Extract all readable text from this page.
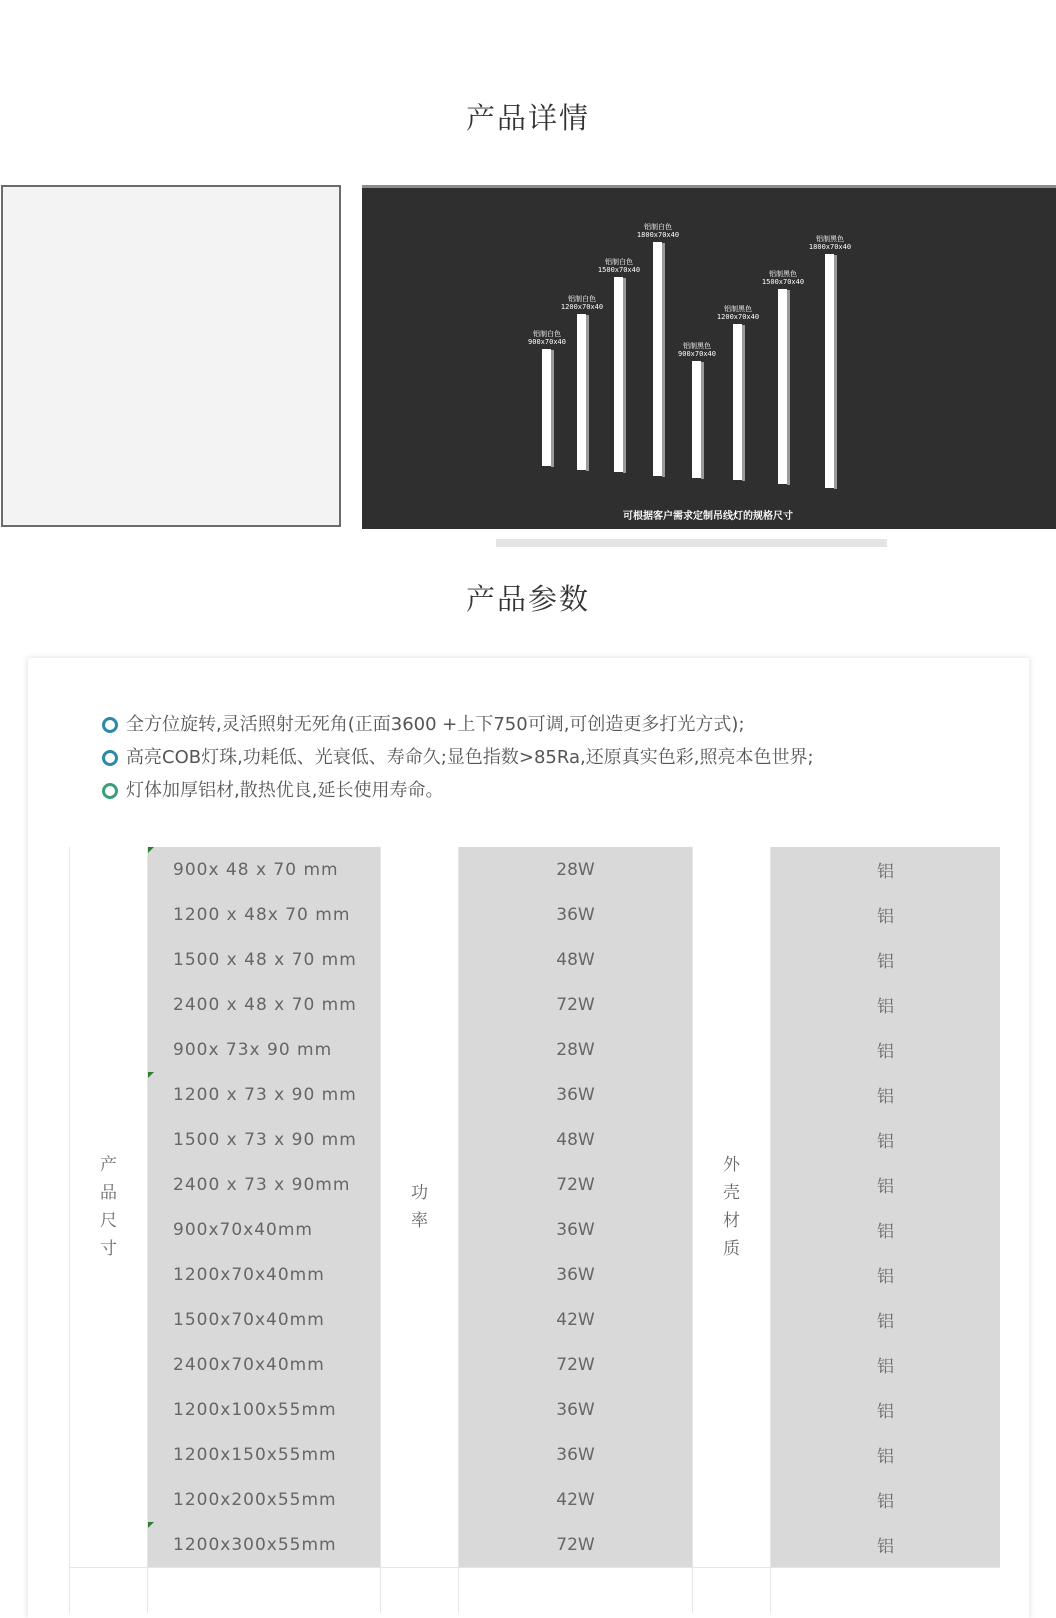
产品详情
铝制白色
900x70x40
铝制白色
1200x70x40
铝制白色
1500x70x40
铝制白色
1800x70x40
铝制黑色
900x70x40
铝制黑色
1200x70x40
铝制黑色
1500x70x40
铝制黑色
1800x70x40
可根据客户需求定制吊线灯的规格尺寸
产品参数
全方位旋转,灵活照射无死角(正面3600 +上下750可调,可创造更多打光方式);
高亮COB灯珠,功耗低、光衰低、寿命久;显色指数>85Ra,还原真实色彩,照亮本色世界;
灯体加厚铝材,散热优良,延长使用寿命。
产品尺寸	900x 48 x 70 mm	功率	28W	外壳材质	铝
	1200 x 48x 70 mm		36W		铝
	1500 x 48 x 70 mm		48W		铝
	2400 x 48 x 70 mm		72W		铝
	900x 73x 90 mm		28W		铝
	1200 x 73 x 90 mm		36W		铝
	1500 x 73 x 90 mm		48W		铝
	2400 x 73 x 90mm		72W		铝
	900x70x40mm		36W		铝
	1200x70x40mm		36W		铝
	1500x70x40mm		42W		铝
	2400x70x40mm		72W		铝
	1200x100x55mm		36W		铝
	1200x150x55mm		36W		铝
	1200x200x55mm		42W		铝
	1200x300x55mm		72W		铝
